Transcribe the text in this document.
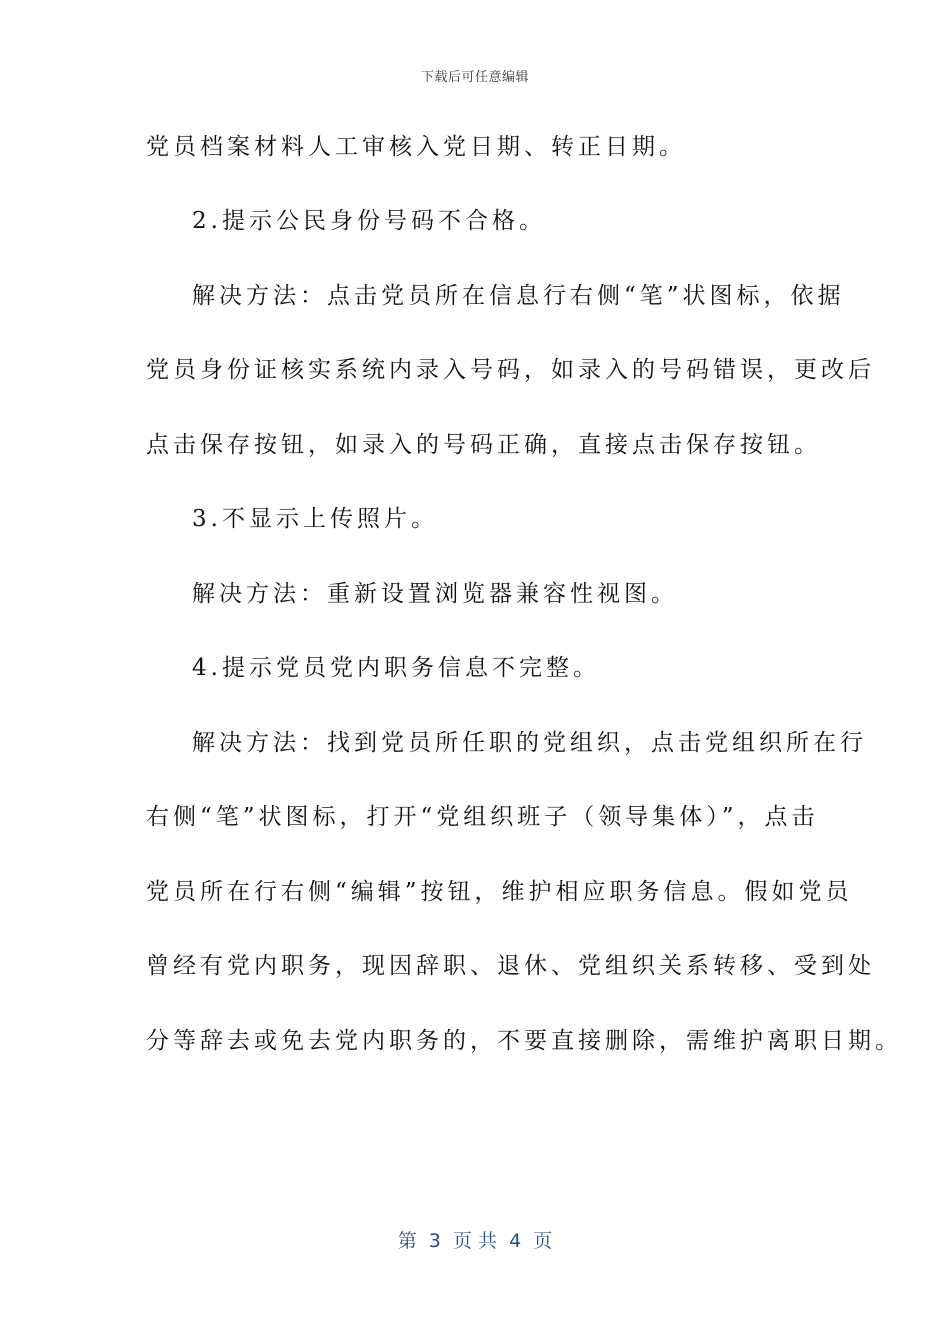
下载后可任意编辑
党员档案材料人工审核入党日期、转正日期。
2.提示公民身份号码不合格。
解决方法：点击党员所在信息行右侧“笔”状图标，依据
党员身份证核实系统内录入号码，如录入的号码错误，更改后
点击保存按钮，如录入的号码正确，直接点击保存按钮。
3.不显示上传照片。
解决方法：重新设置浏览器兼容性视图。
4.提示党员党内职务信息不完整。
解决方法：找到党员所任职的党组织，点击党组织所在行
右侧“笔”状图标，打开“党组织班子（领导集体）”，点击
党员所在行右侧“编辑”按钮，维护相应职务信息。假如党员
曾经有党内职务，现因辞职、退休、党组织关系转移、受到处
分等辞去或免去党内职务的，不要直接删除，需维护离职日期。
第  3  页 共  4  页
